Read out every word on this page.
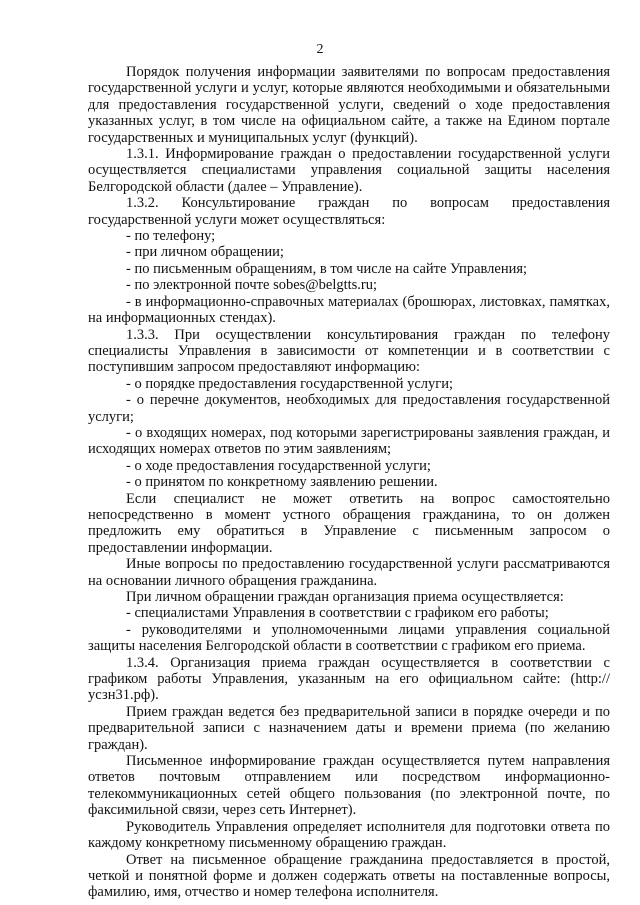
2

Порядок получения информации заявителями по вопросам предоставления государственной услуги и услуг, которые являются необходимыми и обязательными для предоставления государственной услуги, сведений о ходе предоставления указанных услуг, в том числе на официальном сайте, а также на Едином портале государственных и муниципальных услуг (функций).

1.3.1. Информирование граждан о предоставлении государственной услуги осуществляется специалистами управления социальной защиты населения Белгородской области (далее – Управление).

1.3.2. Консультирование граждан по вопросам предоставления государственной услуги может осуществляться:

- по телефону;

- при личном обращении;

- по письменным обращениям, в том числе на сайте Управления;

- по электронной почте sobes@belgtts.ru;

- в информационно-справочных материалах (брошюрах, листовках, памятках, на информационных стендах).

1.3.3. При осуществлении консультирования граждан по телефону специалисты Управления в зависимости от компетенции и в соответствии с поступившим запросом предоставляют информацию:

- о порядке предоставления государственной услуги;

- о перечне документов, необходимых для предоставления государственной услуги;

- о входящих номерах, под которыми зарегистрированы заявления граждан, и исходящих номерах ответов по этим заявлениям;

- о ходе предоставления государственной услуги;

- о принятом по конкретному заявлению решении.

Если специалист не может ответить на вопрос самостоятельно непосредственно в момент устного обращения гражданина, то он должен предложить ему обратиться в Управление с письменным запросом о предоставлении информации.

Иные вопросы по предоставлению государственной услуги рассматриваются на основании личного обращения гражданина.

При личном обращении граждан организация приема осуществляется:

- специалистами Управления в соответствии с графиком его работы;

- руководителями и уполномоченными лицами управления социальной защиты населения Белгородской области в соответствии с графиком его приема.

1.3.4. Организация приема граждан осуществляется в соответствии с графиком работы Управления, указанным на его официальном сайте: (http://усзн31.рф).

Прием граждан ведется без предварительной записи в порядке очереди и по предварительной записи с назначением даты и времени приема (по желанию граждан).

Письменное информирование граждан осуществляется путем направления ответов почтовым отправлением или посредством информационно-телекоммуникационных сетей общего пользования (по электронной почте, по факсимильной связи, через сеть Интернет).

Руководитель Управления определяет исполнителя для подготовки ответа по каждому конкретному письменному обращению граждан.

Ответ на письменное обращение гражданина предоставляется в простой, четкой и понятной форме и должен содержать ответы на поставленные вопросы, фамилию, имя, отчество и номер телефона исполнителя.
